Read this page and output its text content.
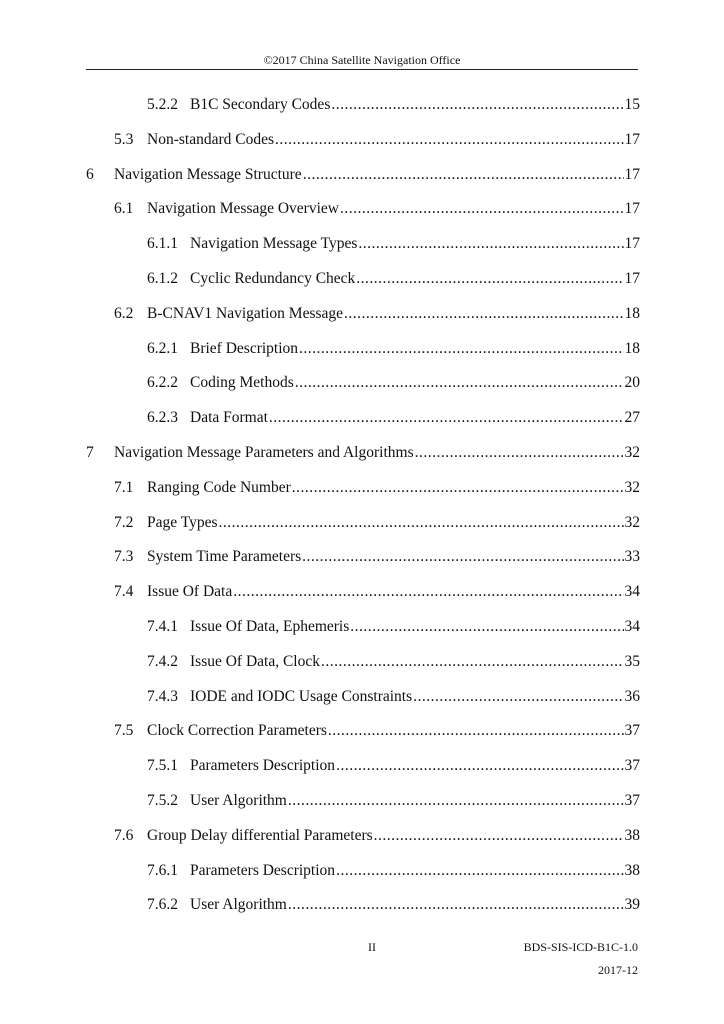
©2017 China Satellite Navigation Office
5.2.2 B1C Secondary Codes .....	15
5.3 Non-standard Codes .....	17
6	Navigation Message Structure .....	17
6.1 Navigation Message Overview .....	17
6.1.1 Navigation Message Types .....	17
6.1.2 Cyclic Redundancy Check .....	17
6.2 B-CNAV1 Navigation Message .....	18
6.2.1 Brief Description .....	18
6.2.2 Coding Methods .....	20
6.2.3 Data Format .....	27
7	Navigation Message Parameters and Algorithms .....	32
7.1 Ranging Code Number .....	32
7.2 Page Types .....	32
7.3 System Time Parameters .....	33
7.4 Issue Of Data .....	34
7.4.1 Issue Of Data, Ephemeris .....	34
7.4.2 Issue Of Data, Clock .....	35
7.4.3 IODE and IODC Usage Constraints .....	36
7.5 Clock Correction Parameters .....	37
7.5.1 Parameters Description .....	37
7.5.2 User Algorithm .....	37
7.6 Group Delay differential Parameters .....	38
7.6.1 Parameters Description .....	38
7.6.2 User Algorithm .....	39
II	BDS-SIS-ICD-B1C-1.0
2017-12
